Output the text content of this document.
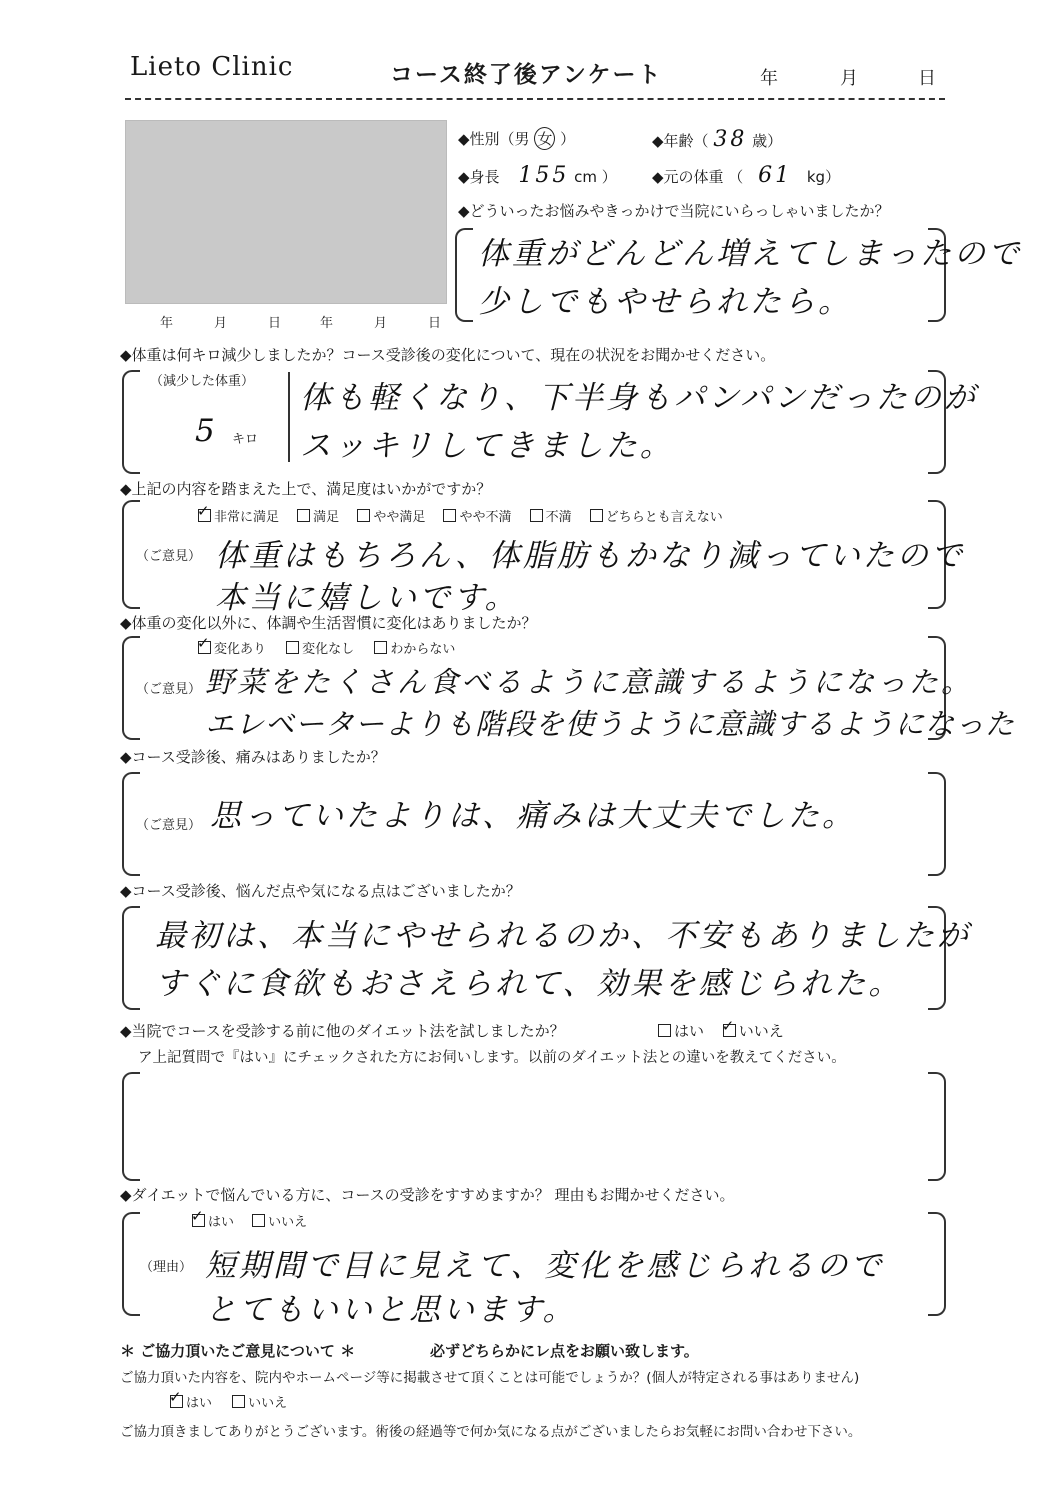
Lieto Clinic	コース終了後アンケート	年	月	日
年　月　日 年　月　日
◆性別（男 女 ）	◆年齢（ 38 歳）
◆身長 155 cm ） ◆元の体重 （ 61 kg）
◆どういったお悩みやきっかけで当院にいらっしゃいましたか？
体重がどんどん増えてしまったので
少しでもやせられたら。
◆体重は何キロ減少しましたか？コース受診後の変化について、現在の状況をお聞かせください。
（減少した体重）
5 キロ
体も軽くなり、下半身もパンパンだったのが
スッキリしてきました。
◆上記の内容を踏まえた上で、満足度はいかがですか？
✓非常に満足	満足	やや満足	やや不満	不満	どちらとも言えない
（ご意見） 体重はもちろん、体脂肪もかなり減っていたので
本当に嬉しいです。
◆体重の変化以外に、体調や生活習慣に変化はありましたか？
✓変化あり	変化なし	わからない
（ご意見） 野菜をたくさん食べるように意識するようになった。
エレベーターよりも階段を使うように意識するようになった
◆コース受診後、痛みはありましたか？
（ご意見） 思っていたよりは、痛みは大丈夫でした。
◆コース受診後、悩んだ点や気になる点はございましたか？
最初は、本当にやせられるのか、不安もありましたが
すぐに食欲もおさえられて、効果を感じられた。
◆当院でコースを受診する前に他のダイエット法を試しましたか？	はい ✓ いいえ
ア上記質問で『はい』にチェックされた方にお伺いします。以前のダイエット法との違いを教えてください。
◆ダイエットで悩んでいる方に、コースの受診をすすめますか？ 理由もお聞かせください。
✓はい	いいえ
（理由） 短期間で目に見えて、変化を感じられるので
とてもいいと思います。
＊ ご協力頂いたご意見について ＊	必ずどちらかにレ点をお願い致します。
ご協力頂いた内容を、院内やホームページ等に掲載させて頂くことは可能でしょうか？(個人が特定される事はありません)
✓はい	いいえ
ご協力頂きましてありがとうございます。術後の経過等で何か気になる点がございましたらお気軽にお問い合わせ下さい。
